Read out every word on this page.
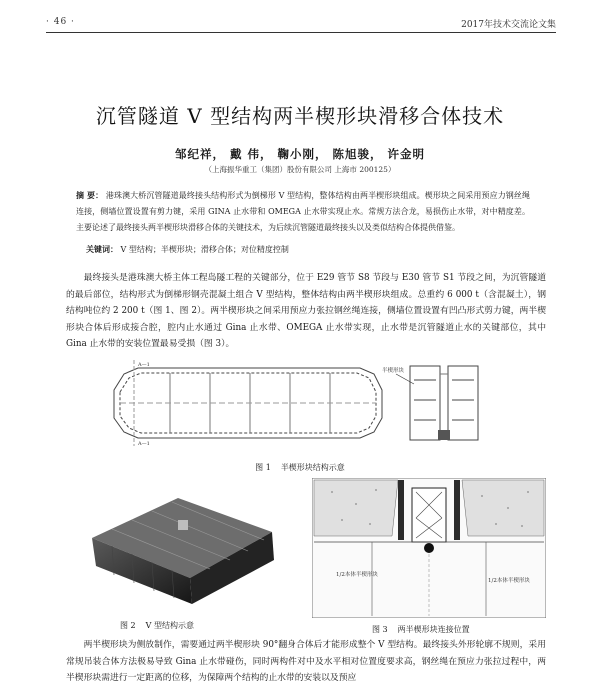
· 46 ·	2017年技术交流论文集
沉管隧道 V 型结构两半楔形块滑移合体技术
邹纪祥， 戴 伟， 鞠小刚， 陈旭骏， 许金明
（上海振华重工（集团）股份有限公司 上海市 200125）
摘 要： 港珠澳大桥沉管隧道最终接头结构形式为倒梯形 V 型结构，整体结构由两半楔形块组成。楔形块之间采用预应力钢丝绳连接，侧墙位置设置有剪力键，采用 GINA 止水带和 OMEGA 止水带实现止水。常规方法合龙，易损伤止水带，对中精度差。主要论述了最终接头两半楔形块滑移合体的关键技术，为后续沉管隧道最终接头以及类似结构合体提供借鉴。
关键词： V 型结构；半楔形块；滑移合体；对位精度控制
最终接头是港珠澳大桥主体工程岛隧工程的关键部分，位于 E29 管节 S8 节段与 E30 管节 S1 节段之间，为沉管隧道的最后部位，结构形式为倒梯形钢壳混凝土组合 V 型结构，整体结构由两半楔形块组成。总重约 6 000 t（含混凝土），钢结构吨位约 2 200 t（图 1、图 2）。两半楔形块之间采用预应力张拉钢丝绳连接，侧墙位置设置有凹凸形式剪力键，两半楔形块合体后形成接合腔，腔内止水通过 Gina 止水带、OMEGA 止水带实现，止水带是沉管隧道止水的关键部位，其中 Gina 止水带的安装位置最易受损（图 3）。
A—1
A—1
半楔形块
图 1 半楔形块结构示意
图 2 V 型结构示意
1/2本体半楔形块
1/2本体半楔形块
图 3 两半楔形块连接位置
两半楔形块为侧放制作，需要通过两半楔形块 90°翻身合体后才能形成整个 V 型结构。最终接头外形轮廓不规则，采用常规吊装合体方法极易导致 Gina 止水带碰伤，同时两构件对中及水平相对位置度要求高，钢丝绳在预应力张拉过程中，两半楔形块需进行一定距离的位移，为保障两个结构的止水带的安装以及预应
